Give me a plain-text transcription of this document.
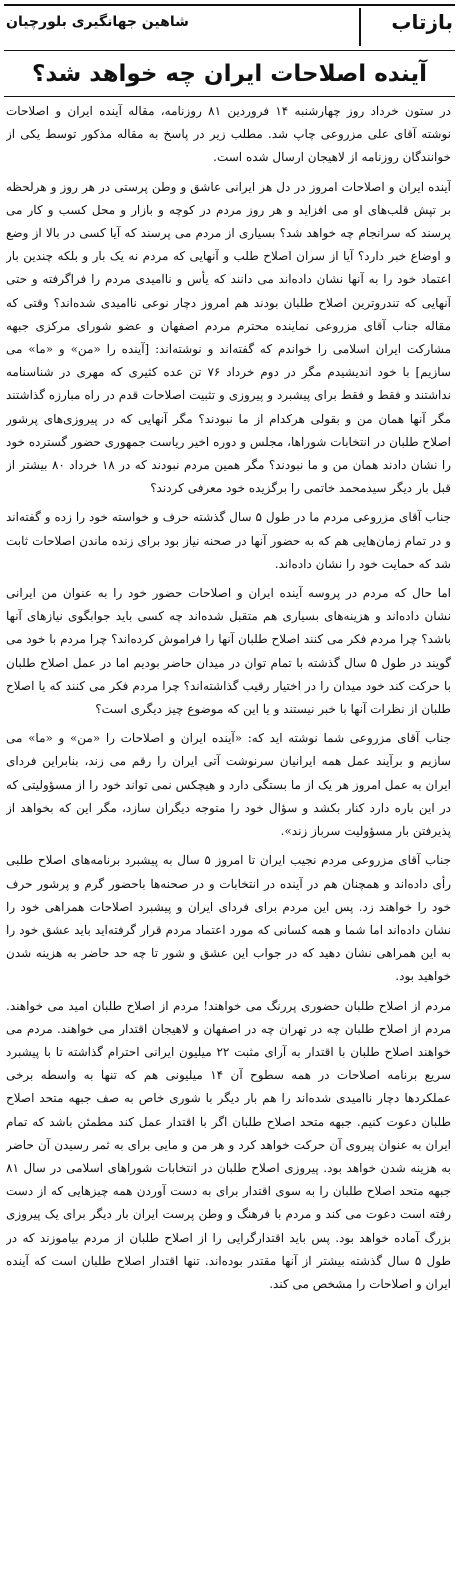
بازتاب
شاهین جهانگیری بلورچیان
آینده اصلاحات ایران چه خواهد شد؟

در ستون خرداد روز چهارشنبه ۱۴ فروردین ۸۱ روزنامه، مقاله آینده ایران و اصلاحات نوشته آقای علی مزروعی چاپ شد. مطلب زیر در پاسخ به مقاله مذکور توسط یکی از خوانندگان روزنامه از لاهیجان ارسال شده است.

آینده ایران و اصلاحات امروز در دل هر ایرانی عاشق و وطن پرستی در هر روز و هرلحظه بر تپش قلب‌های او می افزاید و هر روز مردم در کوچه و بازار و محل کسب و کار می پرسند که سرانجام چه خواهد شد؟ بسیاری از مردم می پرسند که آیا کسی در بالا از وضع و اوضاع خبر دارد؟ آیا از سران اصلاح طلب و آنهایی که مردم نه یک بار و بلکه چندین بار اعتماد خود را به آنها نشان داده‌اند می دانند که یأس و ناامیدی مردم را فراگرفته و حتی آنهایی که تندروترین اصلاح طلبان بودند هم امروز دچار نوعی ناامیدی شده‌اند؟ وقتی که مقاله جناب آقای مزروعی نماینده محترم مردم اصفهان و عضو شورای مرکزی جبهه مشارکت ایران اسلامی را خواندم که گفته‌اند و نوشته‌اند: [آینده را «من» و «ما» می سازیم] با خود اندیشیدم مگر در دوم خرداد ۷۶ تن عده کثیری که مهری در شناسنامه نداشتند و فقط و فقط برای پیشبرد و پیروزی و تثبیت اصلاحات قدم در راه مبارزه گذاشتند مگر آنها همان من و بقولی هرکدام از ما نبودند؟ مگر آنهایی که در پیروزی‌های پرشور اصلاح طلبان در انتخابات شوراها، مجلس و دوره اخیر ریاست جمهوری حضور گسترده خود را نشان دادند همان من و ما نبودند؟ مگر همین مردم نبودند که در ۱۸ خرداد ۸۰ بیشتر از قبل بار دیگر سیدمحمد خاتمی را برگزیده خود معرفی کردند؟

جناب آقای مزروعی مردم ما در طول ۵ سال گذشته حرف و خواسته خود را زده و گفته‌اند و در تمام زمان‌هایی هم که به حضور آنها در صحنه نیاز بود برای زنده ماندن اصلاحات ثابت شد که حمایت خود را نشان داده‌اند.

اما حال که مردم در پروسه آینده ایران و اصلاحات حضور خود را به عنوان من ایرانی نشان داده‌اند و هزینه‌های بسیاری هم متقبل شده‌اند چه کسی باید جوابگوی نیازهای آنها باشد؟ چرا مردم فکر می کنند اصلاح طلبان آنها را فراموش کرده‌اند؟ چرا مردم با خود می گویند در طول ۵ سال گذشته با تمام توان در میدان حاضر بودیم اما در عمل اصلاح طلبان با حرکت کند خود میدان را در اختیار رقیب گذاشته‌اند؟ چرا مردم فکر می کنند که یا اصلاح طلبان از نظرات آنها با خبر نیستند و یا این که موضوع چیز دیگری است؟

جناب آقای مزروعی شما نوشته اید که: «آینده ایران و اصلاحات را «من» و «ما» می سازیم و برآیند عمل همه ایرانیان سرنوشت آتی ایران را رقم می زند، بنابراین فردای ایران به عمل امروز هر یک از ما بستگی دارد و هیچکس نمی تواند خود را از مسؤولیتی که در این باره دارد کنار بکشد و سؤال خود را متوجه دیگران سازد، مگر این که بخواهد از پذیرفتن بار مسؤولیت سرباز زند».

جناب آقای مزروعی مردم نجیب ایران تا امروز ۵ سال به پیشبرد برنامه‌های اصلاح طلبی رأی داده‌اند و همچنان هم در آینده در انتخابات و در صحنه‌ها باحضور گرم و پرشور حرف خود را خواهند زد. پس این مردم برای فردای ایران و پیشبرد اصلاحات همراهی خود را نشان داده‌اند اما شما و همه کسانی که مورد اعتماد مردم قرار گرفته‌اید باید عشق خود را به این همراهی نشان دهید که در جواب این عشق و شور تا چه حد حاضر به هزینه شدن خواهید بود.

مردم از اصلاح طلبان حضوری پررنگ می خواهند! مردم از اصلاح طلبان امید می خواهند. مردم از اصلاح طلبان چه در تهران چه در اصفهان و لاهیجان اقتدار می خواهند. مردم می خواهند اصلاح طلبان با اقتدار به آرای مثبت ۲۲ میلیون ایرانی احترام گذاشته تا با پیشبرد سریع برنامه اصلاحات در همه سطوح آن ۱۴ میلیونی هم که تنها به واسطه برخی عملکردها دچار ناامیدی شده‌اند را هم بار دیگر با شوری خاص به صف جبهه متحد اصلاح طلبان دعوت کنیم. جبهه متحد اصلاح طلبان اگر با اقتدار عمل کند مطمئن باشد که تمام ایران به عنوان پیروی آن حرکت خواهد کرد و هر من و مایی برای به ثمر رسیدن آن حاضر به هزینه شدن خواهد بود. پیروزی اصلاح طلبان در انتخابات شوراهای اسلامی در سال ۸۱ جبهه متحد اصلاح طلبان را به سوی اقتدار برای به دست آوردن همه چیزهایی که از دست رفته است دعوت می کند و مردم با فرهنگ و وطن پرست ایران بار دیگر برای یک پیروزی بزرگ آماده خواهد بود. پس باید اقتدارگرایی را از اصلاح طلبان از مردم بیاموزند که در طول ۵ سال گذشته بیشتر از آنها مقتدر بوده‌اند. تنها اقتدار اصلاح طلبان است که آینده ایران و اصلاحات را مشخص می کند.
